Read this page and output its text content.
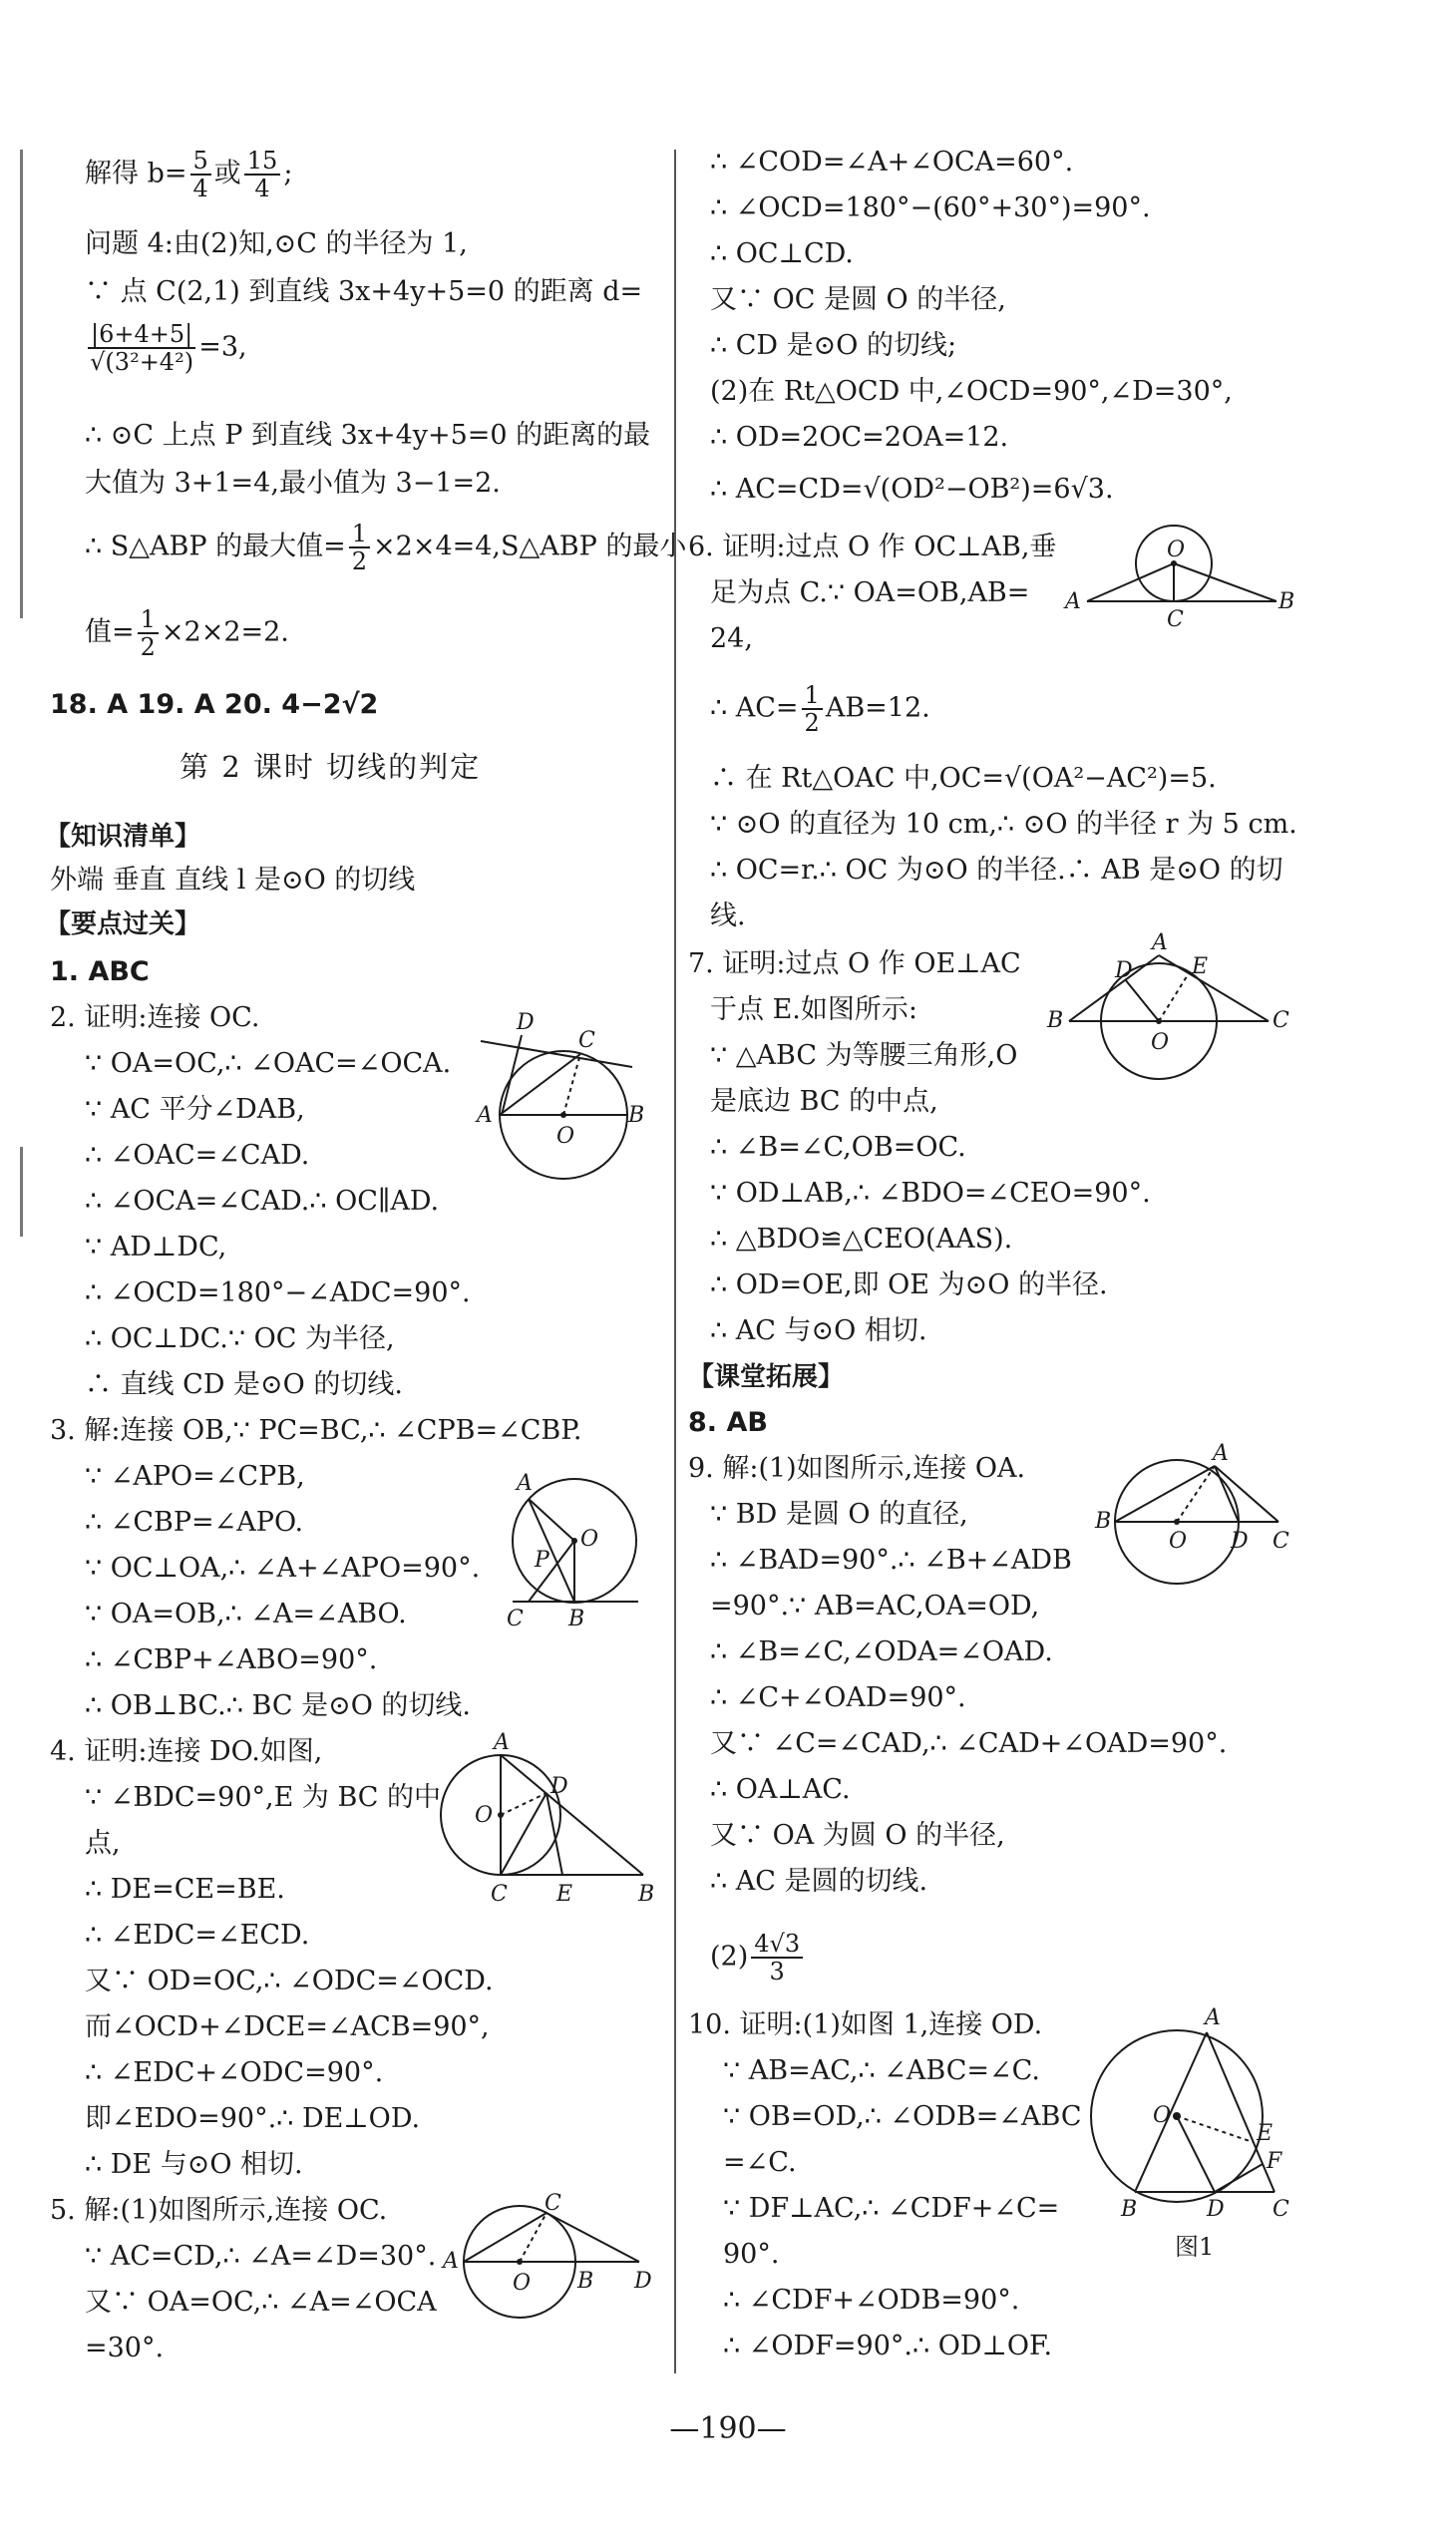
解得 $b= \frac{5}{4}$ 或 $\frac{15}{4}$ ;
问题 4:由(2)知,⊙C 的半径为 1,
∵ 点 C(2,1) 到直线 3x+4y+5=0 的距离 d=
$\frac{|6+4+5|}{\text{√(3²+4²)}} =3$,
∴ ⊙C 上点 P 到直线 3x+4y+5=0 的距离的最
大值为 3+1=4,最小值为 3−1=2.
∴ S△ABP 的最大值= $\frac{1}{2}$ ×2×4=4,S△ABP 的最小
值= $\frac{1}{2} \times 2\times 2=2$.
18. A 19. A 20. 4−2√2
第 2 课时 切线的判定
【知识清单】
外端 垂直 直线 l 是⊙O 的切线
【要点过关】
1. ABC
2. 证明:连接 OC.
∵ OA=OC,∴ ∠OAC=∠OCA.
∵ AC 平分∠DAB,
∴ ∠OAC=∠CAD.
∴ ∠OCA=∠CAD.∴ OC∥AD.
∵ AD⊥DC,
∴ ∠OCD=180°−∠ADC=90°.
∴ OC⊥DC.∵ OC 为半径,
∴ 直线 CD 是⊙O 的切线.
3. 解:连接 OB,∵ PC=BC,∴ ∠CPB=∠CBP.
∵ ∠APO=∠CPB,
∴ ∠CBP=∠APO.
∵ OC⊥OA,∴ ∠A+∠APO=90°.
∵ OA=OB,∴ ∠A=∠ABO.
∴ ∠CBP+∠ABO=90°.
∴ OB⊥BC.∴ BC 是⊙O 的切线.
4. 证明:连接 DO.如图,
∵ ∠BDC=90°,E 为 BC 的中
点,
∴ DE=CE=BE.
∴ ∠EDC=∠ECD.
又∵ OD=OC,∴ ∠ODC=∠OCD.
而∠OCD+∠DCE=∠ACB=90°,
∴ ∠EDC+∠ODC=90°.
即∠EDO=90°.∴ DE⊥OD.
∴ DE 与⊙O 相切.
5. 解:(1)如图所示,连接 OC.
∵ AC=CD,∴ ∠A=∠D=30°.
又∵ OA=OC,∴ ∠A=∠OCA
=30°.
D
C
A	B
O
A
O
P
C B
A
O
D
C E	B
A
C
O B D
∴ ∠COD=∠A+∠OCA=60°.
∴ ∠OCD=180°−(60°+30°)=90°.
∴ OC⊥CD.
又∵ OC 是圆 O 的半径,
∴ CD 是⊙O 的切线;
(2)在 Rt△OCD 中,∠OCD=90°,∠D=30°,
∴ OD=2OC=2OA=12.
∴ AC=CD=√(OD²−OB²)=6√3.
6. 证明:过点 O 作 OC⊥AB,垂
足为点 C.∵ OA=OB,AB=
24,
∴ $AC= \frac{1}{2} AB=12$.
∴ 在 Rt△OAC 中,OC=√(OA²−AC²)=5.
∵ ⊙O 的直径为 10 cm,∴ ⊙O 的半径 r 为 5 cm.
∴ OC=r.∴ OC 为⊙O 的半径.∴ AB 是⊙O 的切
线.
7. 证明:过点 O 作 OE⊥AC
于点 E.如图所示:
∵ △ABC 为等腰三角形,O
是底边 BC 的中点,
∴ ∠B=∠C,OB=OC.
∵ OD⊥AB,∴ ∠BDO=∠CEO=90°.
∴ △BDO≌△CEO(AAS).
∴ OD=OE,即 OE 为⊙O 的半径.
∴ AC 与⊙O 相切.
【课堂拓展】
8. AB
9. 解:(1)如图所示,连接 OA.
∵ BD 是圆 O 的直径,
∴ ∠BAD=90°.∴ ∠B+∠ADB
=90°.∵ AB=AC,OA=OD,
∴ ∠B=∠C,∠ODA=∠OAD.
∴ ∠C+∠OAD=90°.
又∵ ∠C=∠CAD,∴ ∠CAD+∠OAD=90°.
∴ OA⊥AC.
又∵ OA 为圆 O 的半径,
∴ AC 是圆的切线.
$(2) \frac{4√3}{3}$
10. 证明:(1)如图 1,连接 OD.
∵ AB=AC,∴ ∠ABC=∠C.
∵ OB=OD,∴ ∠ODB=∠ABC
=∠C.
∵ DF⊥AC,∴ ∠CDF+∠C=
90°.
∴ ∠CDF+∠ODB=90°.
∴ ∠ODF=90°.∴ OD⊥OF.
O
A	B
C
A
D	E
B	C
O
A
B
O D C
A
O
E
F
B	D C
图1
—190—
